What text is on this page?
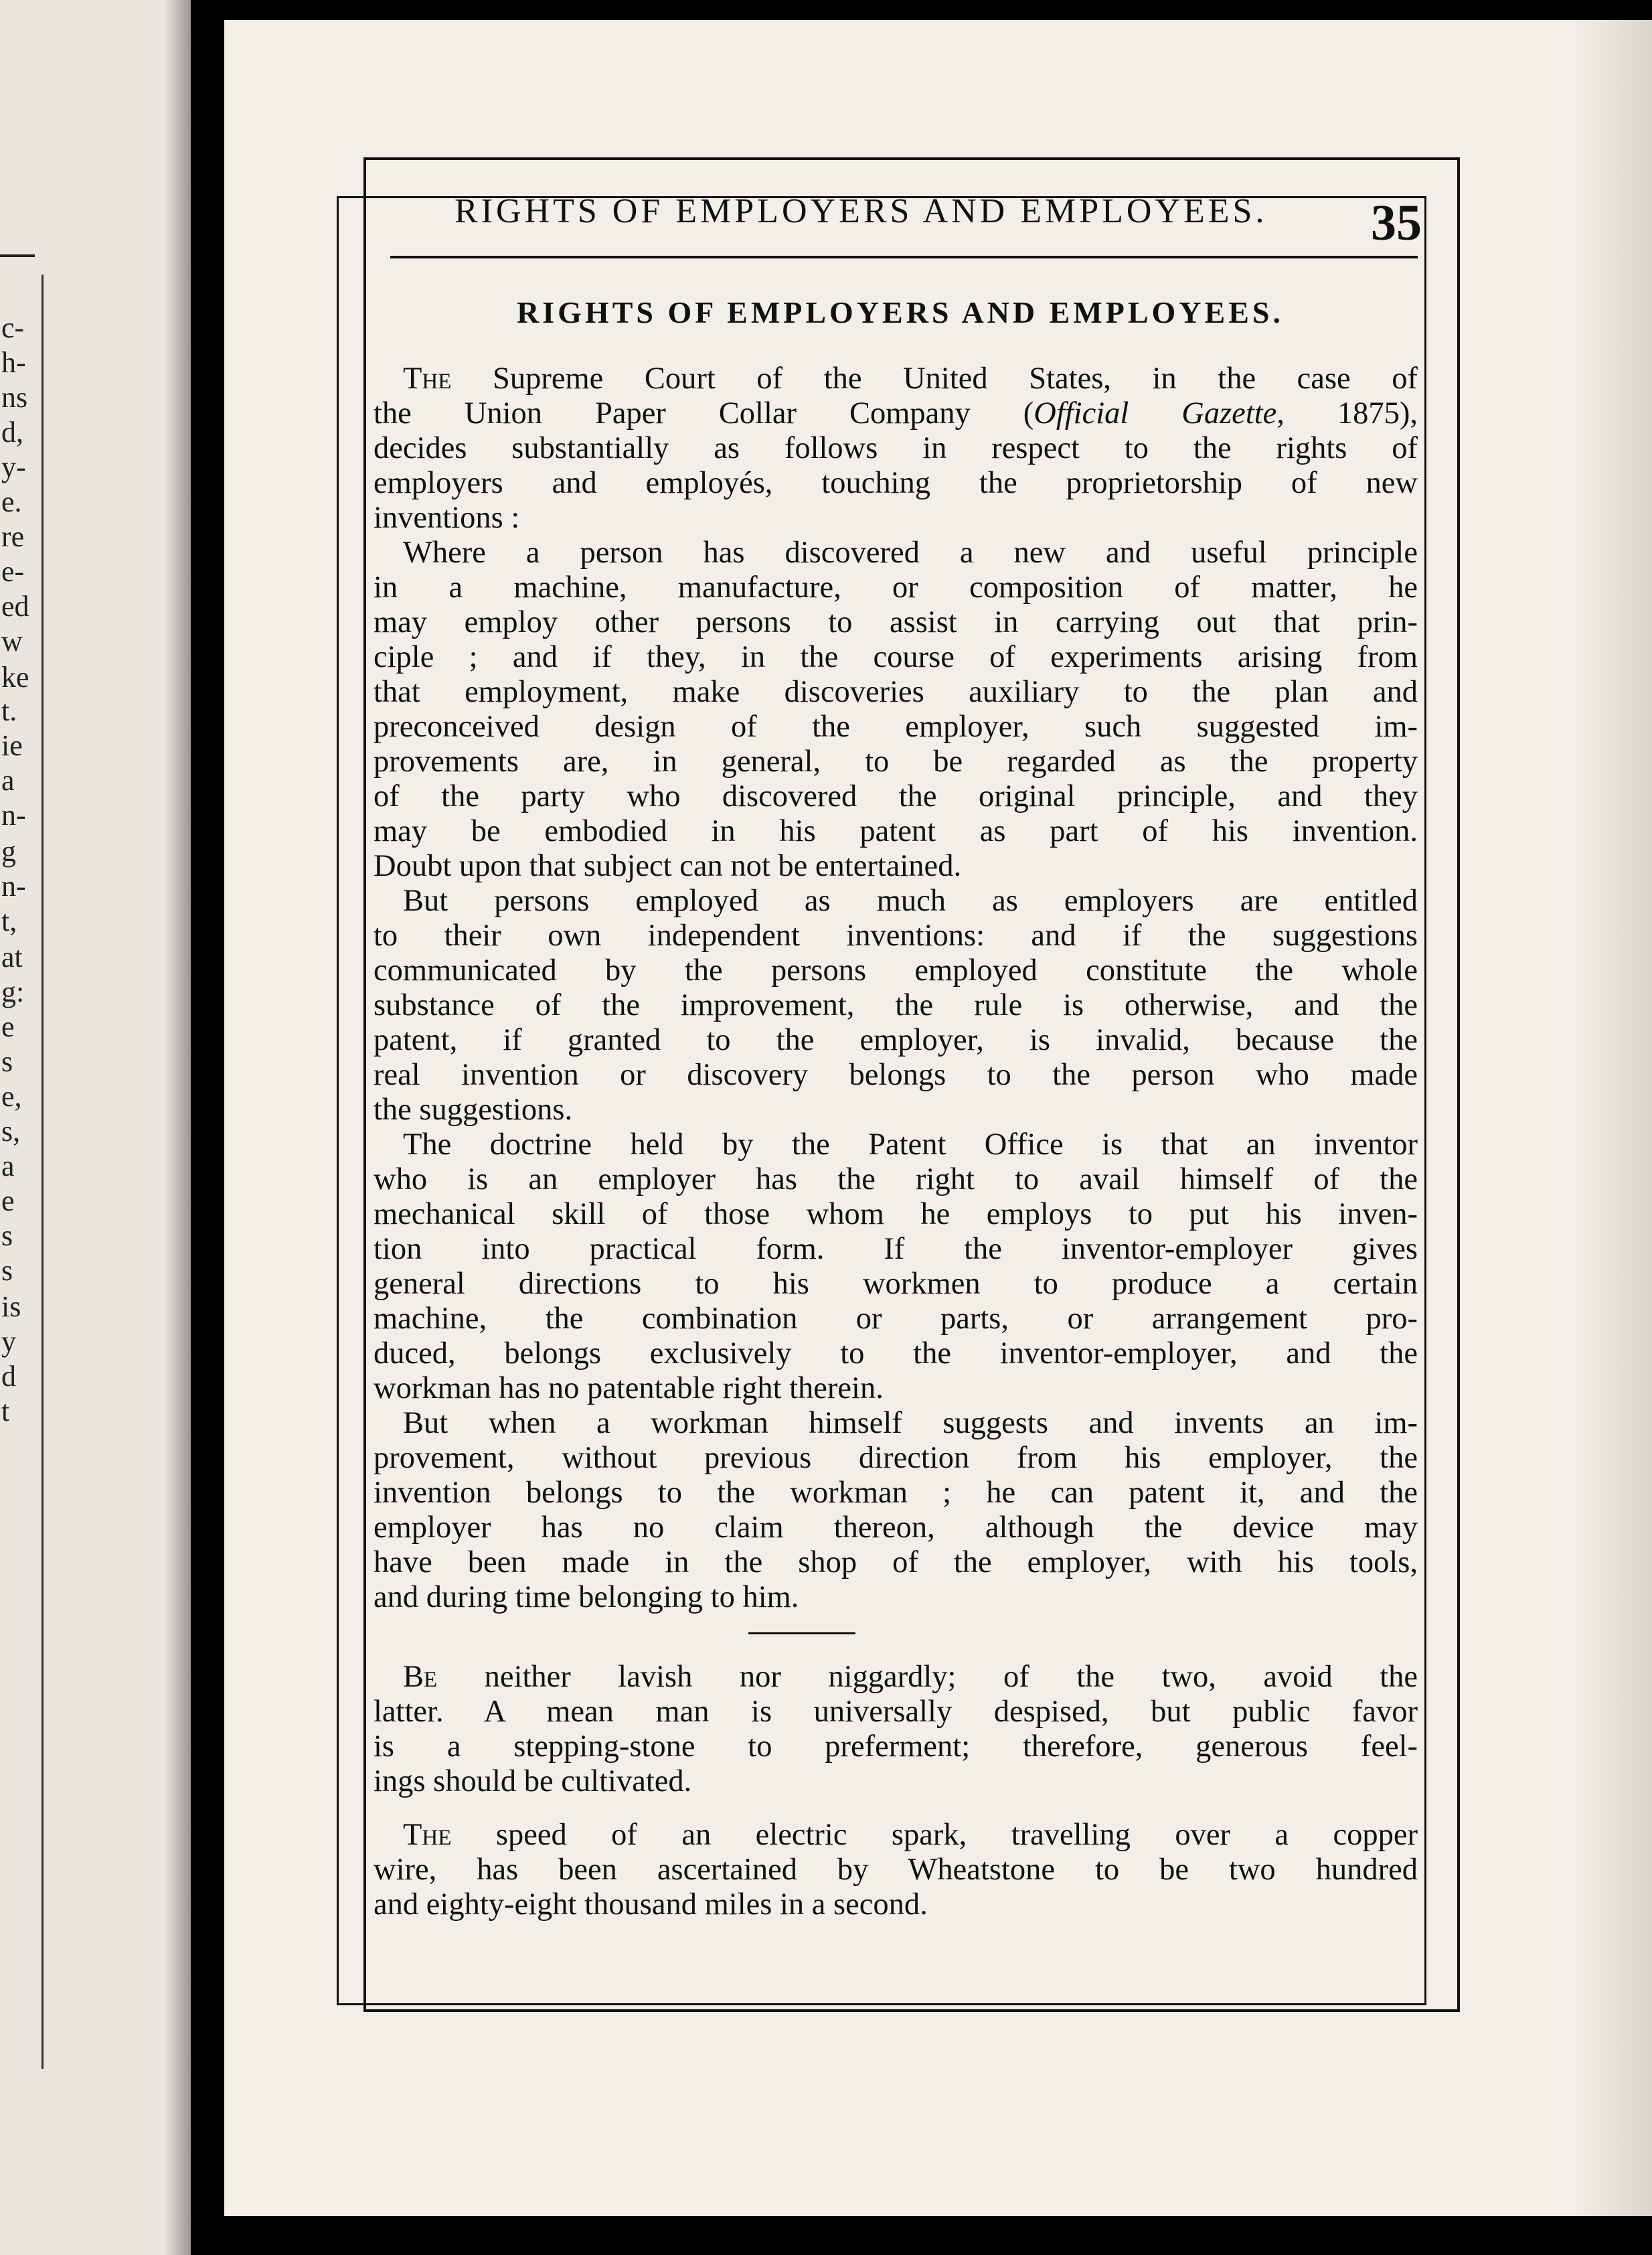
c-
h-
ns
d,
y-
e.
re
e-
ed
w
ke
t.
ie
a
n-
g
n-
t,
at
g:
e
s
e,
s,
a
e
s
s
is
y
d
t
RIGHTS OF EMPLOYERS AND EMPLOYEES.	35
RIGHTS OF EMPLOYERS AND EMPLOYEES.
The Supreme Court of the United States, in the case of
the Union Paper Collar Company (Official Gazette, 1875),
decides substantially as follows in respect to the rights of
employers and employés, touching the proprietorship of new
inventions :
Where a person has discovered a new and useful principle
in a machine, manufacture, or composition of matter, he
may employ other persons to assist in carrying out that prin-
ciple ; and if they, in the course of experiments arising from
that employment, make discoveries auxiliary to the plan and
preconceived design of the employer, such suggested im-
provements are, in general, to be regarded as the property
of the party who discovered the original principle, and they
may be embodied in his patent as part of his invention.
Doubt upon that subject can not be entertained.
But persons employed as much as employers are entitled
to their own independent inventions: and if the suggestions
communicated by the persons employed constitute the whole
substance of the improvement, the rule is otherwise, and the
patent, if granted to the employer, is invalid, because the
real invention or discovery belongs to the person who made
the suggestions.
The doctrine held by the Patent Office is that an inventor
who is an employer has the right to avail himself of the
mechanical skill of those whom he employs to put his inven-
tion into practical form. If the inventor-employer gives
general directions to his workmen to produce a certain
machine, the combination or parts, or arrangement pro-
duced, belongs exclusively to the inventor-employer, and the
workman has no patentable right therein.
But when a workman himself suggests and invents an im-
provement, without previous direction from his employer, the
invention belongs to the workman ; he can patent it, and the
employer has no claim thereon, although the device may
have been made in the shop of the employer, with his tools,
and during time belonging to him.
Be neither lavish nor niggardly; of the two, avoid the
latter. A mean man is universally despised, but public favor
is a stepping-stone to preferment; therefore, generous feel-
ings should be cultivated.
The speed of an electric spark, travelling over a copper
wire, has been ascertained by Wheatstone to be two hundred
and eighty-eight thousand miles in a second.
